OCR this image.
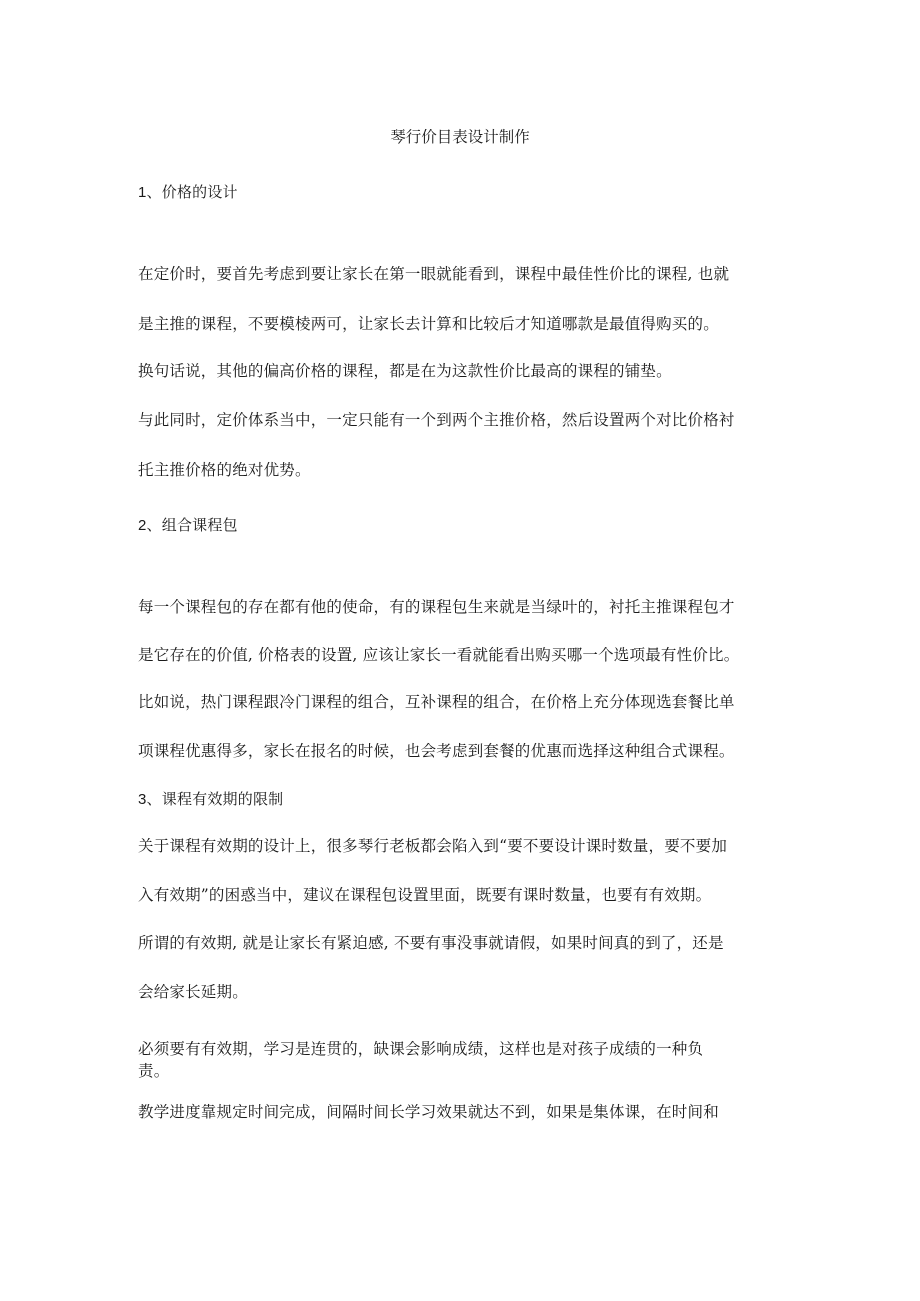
琴行价目表设计制作
1、价格的设计
在定价时，要首先考虑到要让家长在第一眼就能看到，课程中最佳性价比的课程, 也就
是主推的课程，不要模棱两可，让家长去计算和比较后才知道哪款是最值得购买的。
换句话说，其他的偏高价格的课程，都是在为这款性价比最高的课程的铺垫。
与此同时，定价体系当中，一定只能有一个到两个主推价格，然后设置两个对比价格衬
托主推价格的绝对优势。
2、组合课程包
每一个课程包的存在都有他的使命，有的课程包生来就是当绿叶的，衬托主推课程包才
是它存在的价值, 价格表的设置, 应该让家长一看就能看出购买哪一个选项最有性价比。
比如说，热门课程跟冷门课程的组合，互补课程的组合，在价格上充分体现选套餐比单
项课程优惠得多，家长在报名的时候，也会考虑到套餐的优惠而选择这种组合式课程。
3、课程有效期的限制
关于课程有效期的设计上，很多琴行老板都会陷入到“要不要设计课时数量，要不要加
入有效期”的困惑当中，建议在课程包设置里面，既要有课时数量，也要有有效期。
所谓的有效期, 就是让家长有紧迫感, 不要有事没事就请假，如果时间真的到了，还是
会给家长延期。
必须要有有效期，学习是连贯的，缺课会影响成绩，这样也是对孩子成绩的一种负
责。
教学进度靠规定时间完成，间隔时间长学习效果就达不到，如果是集体课，在时间和
